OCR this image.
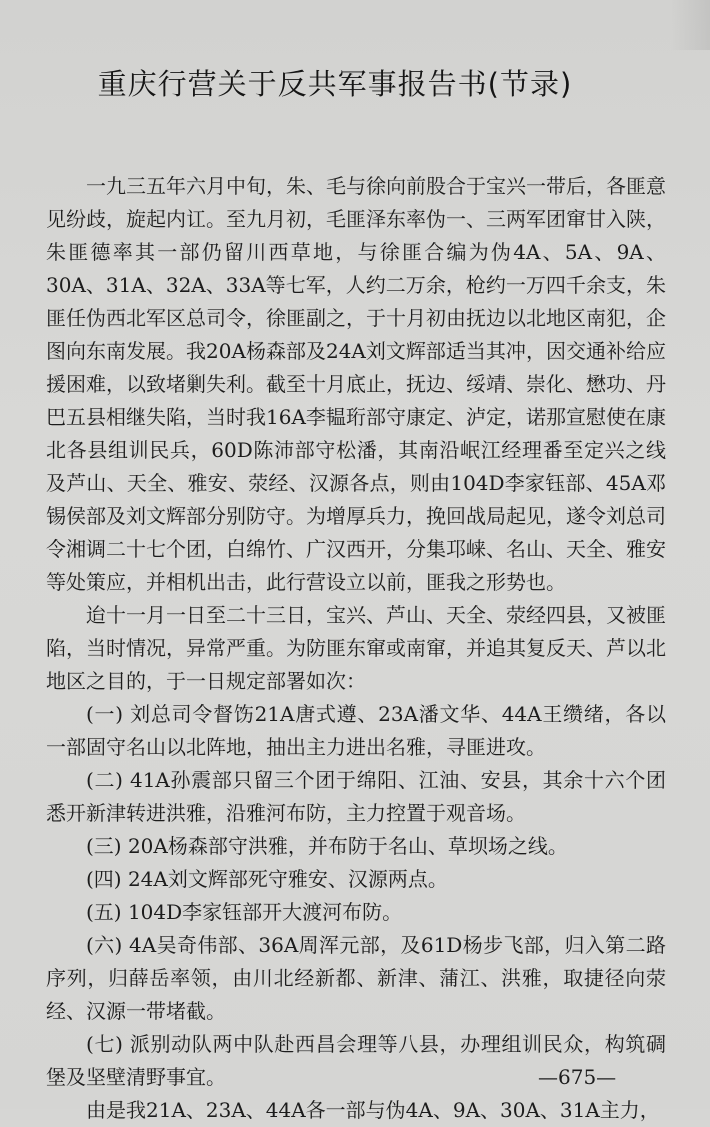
重庆行营关于反共军事报告书(节录)

一九三五年六月中旬，朱、毛与徐向前股合于宝兴一带后，各匪意见纷歧，旋起内讧。至九月初，毛匪泽东率伪一、三两军团窜甘入陕，朱匪德率其一部仍留川西草地，与徐匪合编为伪4A、5A、9A、30A、31A、32A、33A等七军，人约二万余，枪约一万四千余支，朱匪任伪西北军区总司令，徐匪副之，于十月初由抚边以北地区南犯，企图向东南发展。我20A杨森部及24A刘文辉部适当其冲，因交通补给应援困难，以致堵剿失利。截至十月底止，抚边、绥靖、崇化、懋功、丹巴五县相继失陷，当时我16A李韫珩部守康定、泸定，诺那宣慰使在康北各县组训民兵，60D陈沛部守松潘，其南沿岷江经理番至定兴之线及芦山、天全、雅安、荥经、汉源各点，则由104D李家钰部、45A邓锡侯部及刘文辉部分别防守。为增厚兵力，挽回战局起见，遂令刘总司令湘调二十七个团，白绵竹、广汉西开，分集邛崃、名山、天全、雅安等处策应，并相机出击，此行营设立以前，匪我之形势也。

迨十一月一日至二十三日，宝兴、芦山、天全、荥经四县，又被匪陷，当时情况，异常严重。为防匪东窜或南窜，并追其复反天、芦以北地区之目的，于一日规定部署如次：

(一) 刘总司令督饬21A唐式遵、23A潘文华、44A王缵绪，各以一部固守名山以北阵地，抽出主力进出名雅，寻匪进攻。

(二) 41A孙震部只留三个团于绵阳、江油、安县，其余十六个团悉开新津转进洪雅，沿雅河布防，主力控置于观音场。

(三) 20A杨森部守洪雅，并布防于名山、草坝场之线。

(四) 24A刘文辉部死守雅安、汉源两点。

(五) 104D李家钰部开大渡河布防。

(六) 4A吴奇伟部、36A周浑元部，及61D杨步飞部，归入第二路序列，归薛岳率领，由川北经新都、新津、蒲江、洪雅，取捷径向荥经、汉源一带堵截。

(七) 派别动队两中队赴西昌会理等八县，办理组训民众，构筑碉堡及坚壁清野事宜。

由是我21A、23A、44A各一部与伪4A、9A、30A、31A主力，

—675—
